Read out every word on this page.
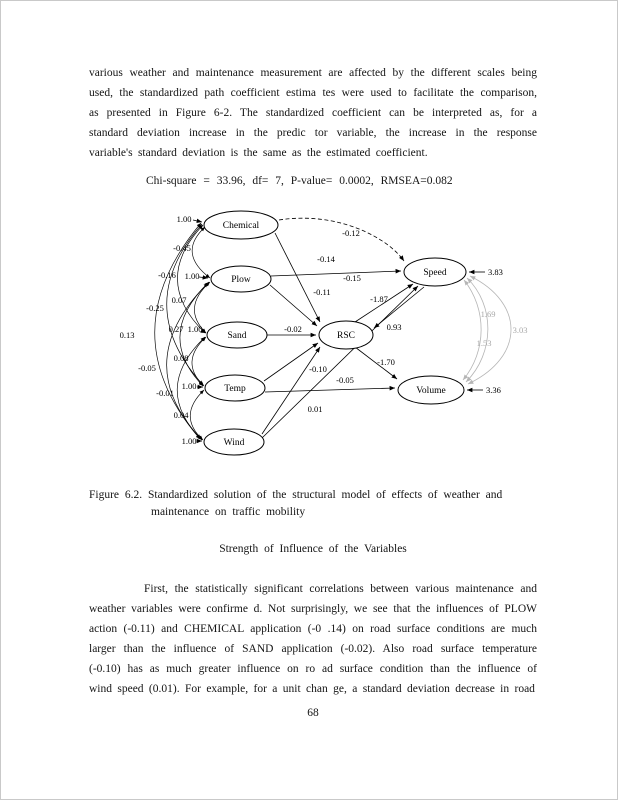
various weather and maintenance measurement are affected by the different scales being used, the standardized path coefficient estima tes were used to facilitate the comparison, as presented in Figure 6-2. The standardized coefficient can be interpreted as, for a standard deviation increase in the predic tor variable, the increase in the response variable's standard deviation is the same as the estimated coefficient.

Chi-square = 33.96, df= 7, P-value= 0.0002, RMSEA=0.082

Chemical
Plow
Sand
Temp
Wind
RSC
Speed
Volume
1.00
-0.45
-0.16 1.00
0.07
-0.25
0.27 1.00
0.13
0.08
-0.05
1.00
-0.01
0.04
1.00
-0.12
-0.14
-0.15
-0.11
-0.02
-1.87
0.93
-1.70
-0.10
-0.05
0.01
3.83
3.36
1.69
1.53
3.03

Figure 6.2. Standardized solution of the structural model of effects of weather and
maintenance on traffic mobility

Strength of Influence of the Variables

First, the statistically significant correlations between various maintenance and weather variables were confirme d. Not surprisingly, we see that the influences of PLOW action (-0.11) and CHEMICAL application (-0 .14) on road surface conditions are much larger than the influence of SAND application (-0.02). Also road surface temperature (-0.10) has as much greater influence on ro ad surface condition than the influence of wind speed (0.01). For example, for a unit chan ge, a standard deviation decrease in road

68
